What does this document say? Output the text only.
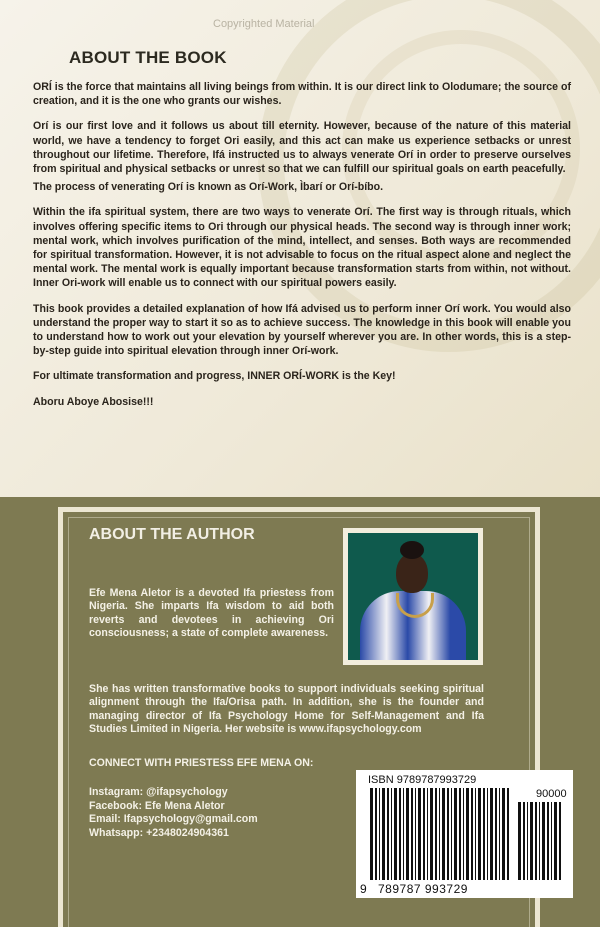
Copyrighted Material
ABOUT THE BOOK

ORÍ is the force that maintains all living beings from within. It is our direct link to Olodumare; the source of creation, and it is the one who grants our wishes.

Orí is our first love and it follows us about till eternity. However, because of the nature of this material world, we have a tendency to forget Ori easily, and this act can make us experience setbacks or unrest throughout our lifetime. Therefore, Ifá instructed us to always venerate Orí in order to preserve ourselves from spiritual and physical setbacks or unrest so that we can fulfill our spiritual goals on earth peacefully.

The process of venerating Orí is known as Orí-Work, Ìbarí or Orí-bíbo.

Within the ifa spiritual system, there are two ways to venerate Orí. The first way is through rituals, which involves offering specific items to Ori through our physical heads. The second way is through inner work; mental work, which involves purification of the mind, intellect, and senses. Both ways are recommended for spiritual transformation. However, it is not advisable to focus on the ritual aspect alone and neglect the mental work. The mental work is equally important because transformation starts from within, not without. Inner Ori-work will enable us to connect with our spiritual powers easily.

This book provides a detailed explanation of how Ifá advised us to perform inner Orí work. You would also understand the proper way to start it so as to achieve success. The knowledge in this book will enable you to understand how to work out your elevation by yourself wherever you are. In other words, this is a step-by-step guide into spiritual elevation through inner Orí-work.

For ultimate transformation and progress, INNER ORÍ-WORK is the Key!

Aboru Aboye Abosise!!!

ABOUT THE AUTHOR

Efe Mena Aletor is a devoted Ifa priestess from Nigeria. She imparts Ifa wisdom to aid both reverts and devotees in achieving Ori consciousness; a state of complete awareness.

She has written transformative books to support individuals seeking spiritual alignment through the Ifa/Orisa path. In addition, she is the founder and managing director of Ifa Psychology Home for Self-Management and Ifa Studies Limited in Nigeria. Her website is www.ifapsychology.com

CONNECT WITH PRIESTESS EFE MENA ON:
Instagram: @ifapsychology
Facebook: Efe Mena Aletor
Email: Ifapsychology@gmail.com
Whatsapp: +2348024904361
ISBN 9789787993729
90000
9 789787 993729
